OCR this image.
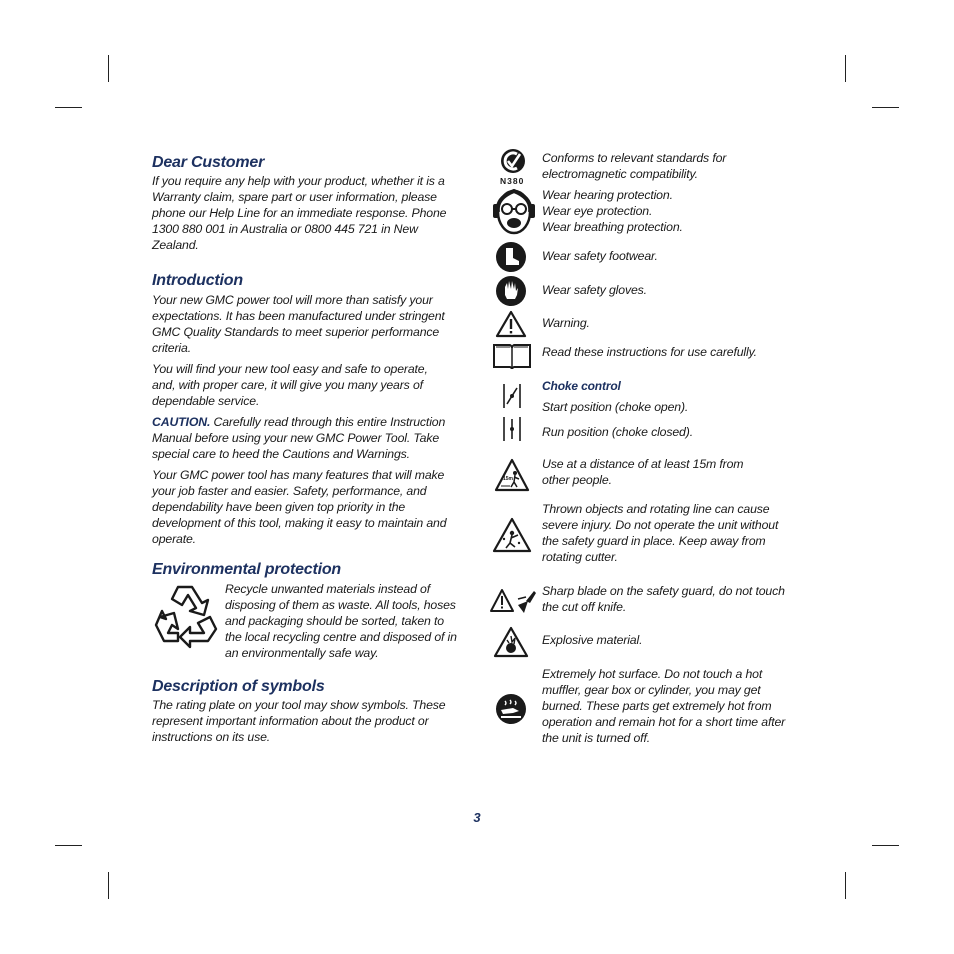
Dear Customer

If you require any help with your product, whether it is a Warranty claim, spare part or user information, please phone our Help Line for an immediate response. Phone 1300 880 001 in Australia or 0800 445 721 in New Zealand.

Introduction

Your new GMC power tool will more than satisfy your expectations. It has been manufactured under stringent GMC Quality Standards to meet superior performance criteria.

You will find your new tool easy and safe to operate, and, with proper care, it will give you many years of dependable service.

CAUTION. Carefully read through this entire Instruction Manual before using your new GMC Power Tool. Take special care to heed the Cautions and Warnings.

Your GMC power tool has many features that will make your job faster and easier. Safety, performance, and dependability have been given top priority in the development of this tool, making it easy to maintain and operate.

Environmental protection

Recycle unwanted materials instead of disposing of them as waste. All tools, hoses and packaging should be sorted, taken to the local recycling centre and disposed of in an environmentally safe way.

Description of symbols

The rating plate on your tool may show symbols. These represent important information about the product or instructions on its use.

N380
Conforms to relevant standards for electromagnetic compatibility.
Wear hearing protection.
Wear eye protection.
Wear breathing protection.
Wear safety footwear.
Wear safety gloves.
Warning.
Read these instructions for use carefully.
Choke control
Start position (choke open).
Run position (choke closed).
15m
Use at a distance of at least 15m from other people.
Thrown objects and rotating line can cause severe injury. Do not operate the unit without the safety guard in place. Keep away from rotating cutter.
Sharp blade on the safety guard, do not touch the cut off knife.
Explosive material.
Extremely hot surface. Do not touch a hot muffler, gear box or cylinder, you may get burned. These parts get extremely hot from operation and remain hot for a short time after the unit is turned off.
3
